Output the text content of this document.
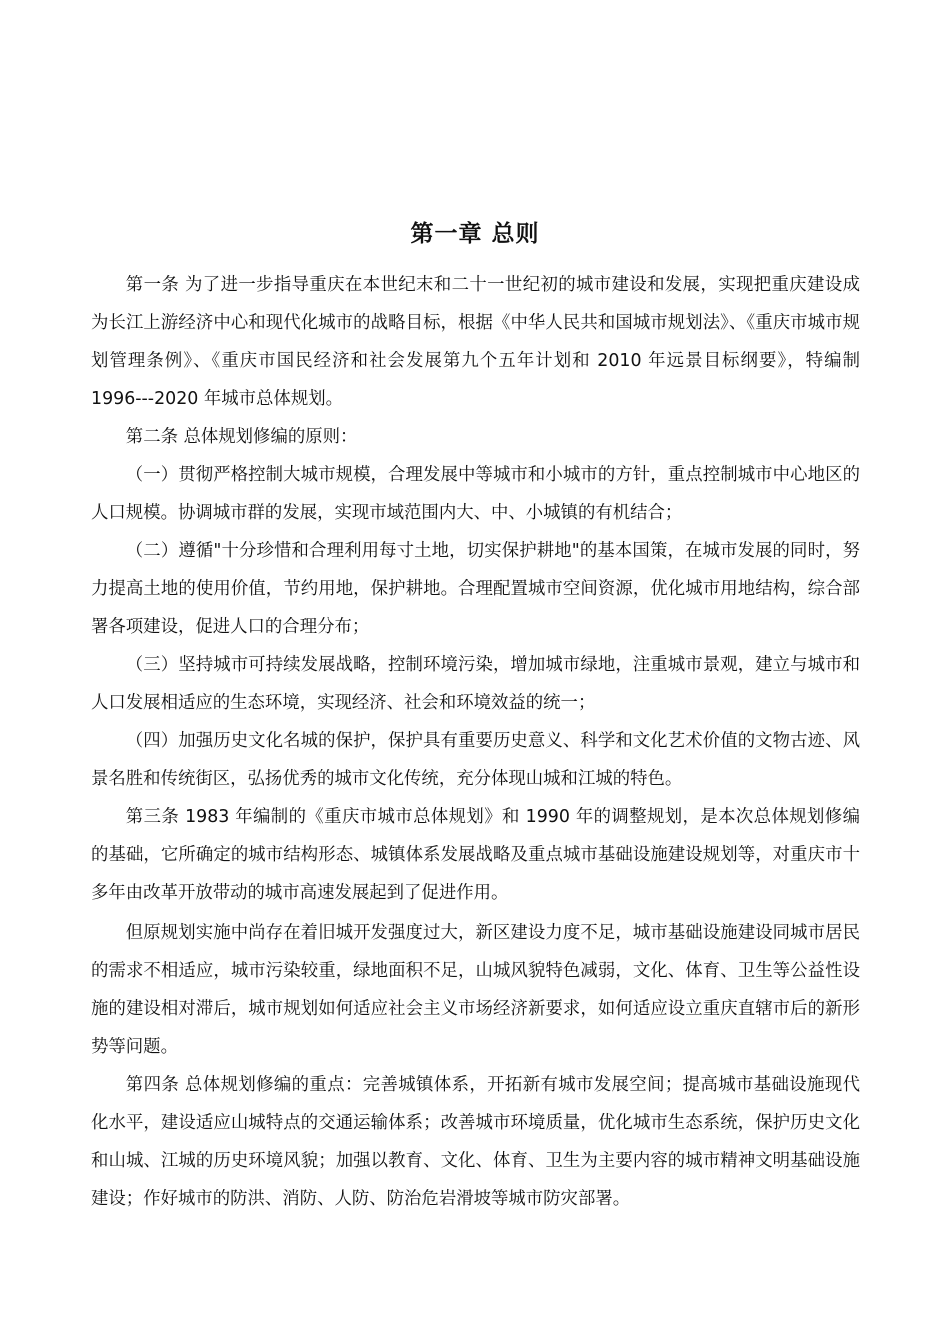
第一章 总则

第一条 为了进一步指导重庆在本世纪末和二十一世纪初的城市建设和发展，实现把重庆建设成为长江上游经济中心和现代化城市的战略目标，根据《中华人民共和国城市规划法》、《重庆市城市规划管理条例》、《重庆市国民经济和社会发展第九个五年计划和 2010 年远景目标纲要》，特编制 1996---2020 年城市总体规划。

第二条 总体规划修编的原则：

（一）贯彻严格控制大城市规模，合理发展中等城市和小城市的方针，重点控制城市中心地区的人口规模。协调城市群的发展，实现市域范围内大、中、小城镇的有机结合；

（二）遵循"十分珍惜和合理利用每寸土地，切实保护耕地"的基本国策，在城市发展的同时，努力提高土地的使用价值，节约用地，保护耕地。合理配置城市空间资源，优化城市用地结构，综合部署各项建设，促进人口的合理分布；

（三）坚持城市可持续发展战略，控制环境污染，增加城市绿地，注重城市景观，建立与城市和人口发展相适应的生态环境，实现经济、社会和环境效益的统一；

（四）加强历史文化名城的保护，保护具有重要历史意义、科学和文化艺术价值的文物古迹、风景名胜和传统街区，弘扬优秀的城市文化传统，充分体现山城和江城的特色。

第三条 1983 年编制的《重庆市城市总体规划》和 1990 年的调整规划，是本次总体规划修编的基础，它所确定的城市结构形态、城镇体系发展战略及重点城市基础设施建设规划等，对重庆市十多年由改革开放带动的城市高速发展起到了促进作用。

但原规划实施中尚存在着旧城开发强度过大，新区建设力度不足，城市基础设施建设同城市居民的需求不相适应，城市污染较重，绿地面积不足，山城风貌特色减弱，文化、体育、卫生等公益性设施的建设相对滞后，城市规划如何适应社会主义市场经济新要求，如何适应设立重庆直辖市后的新形势等问题。

第四条 总体规划修编的重点：完善城镇体系，开拓新有城市发展空间；提高城市基础设施现代化水平，建设适应山城特点的交通运输体系；改善城市环境质量，优化城市生态系统，保护历史文化和山城、江城的历史环境风貌；加强以教育、文化、体育、卫生为主要内容的城市精神文明基础设施建设；作好城市的防洪、消防、人防、防治危岩滑坡等城市防灾部署。
